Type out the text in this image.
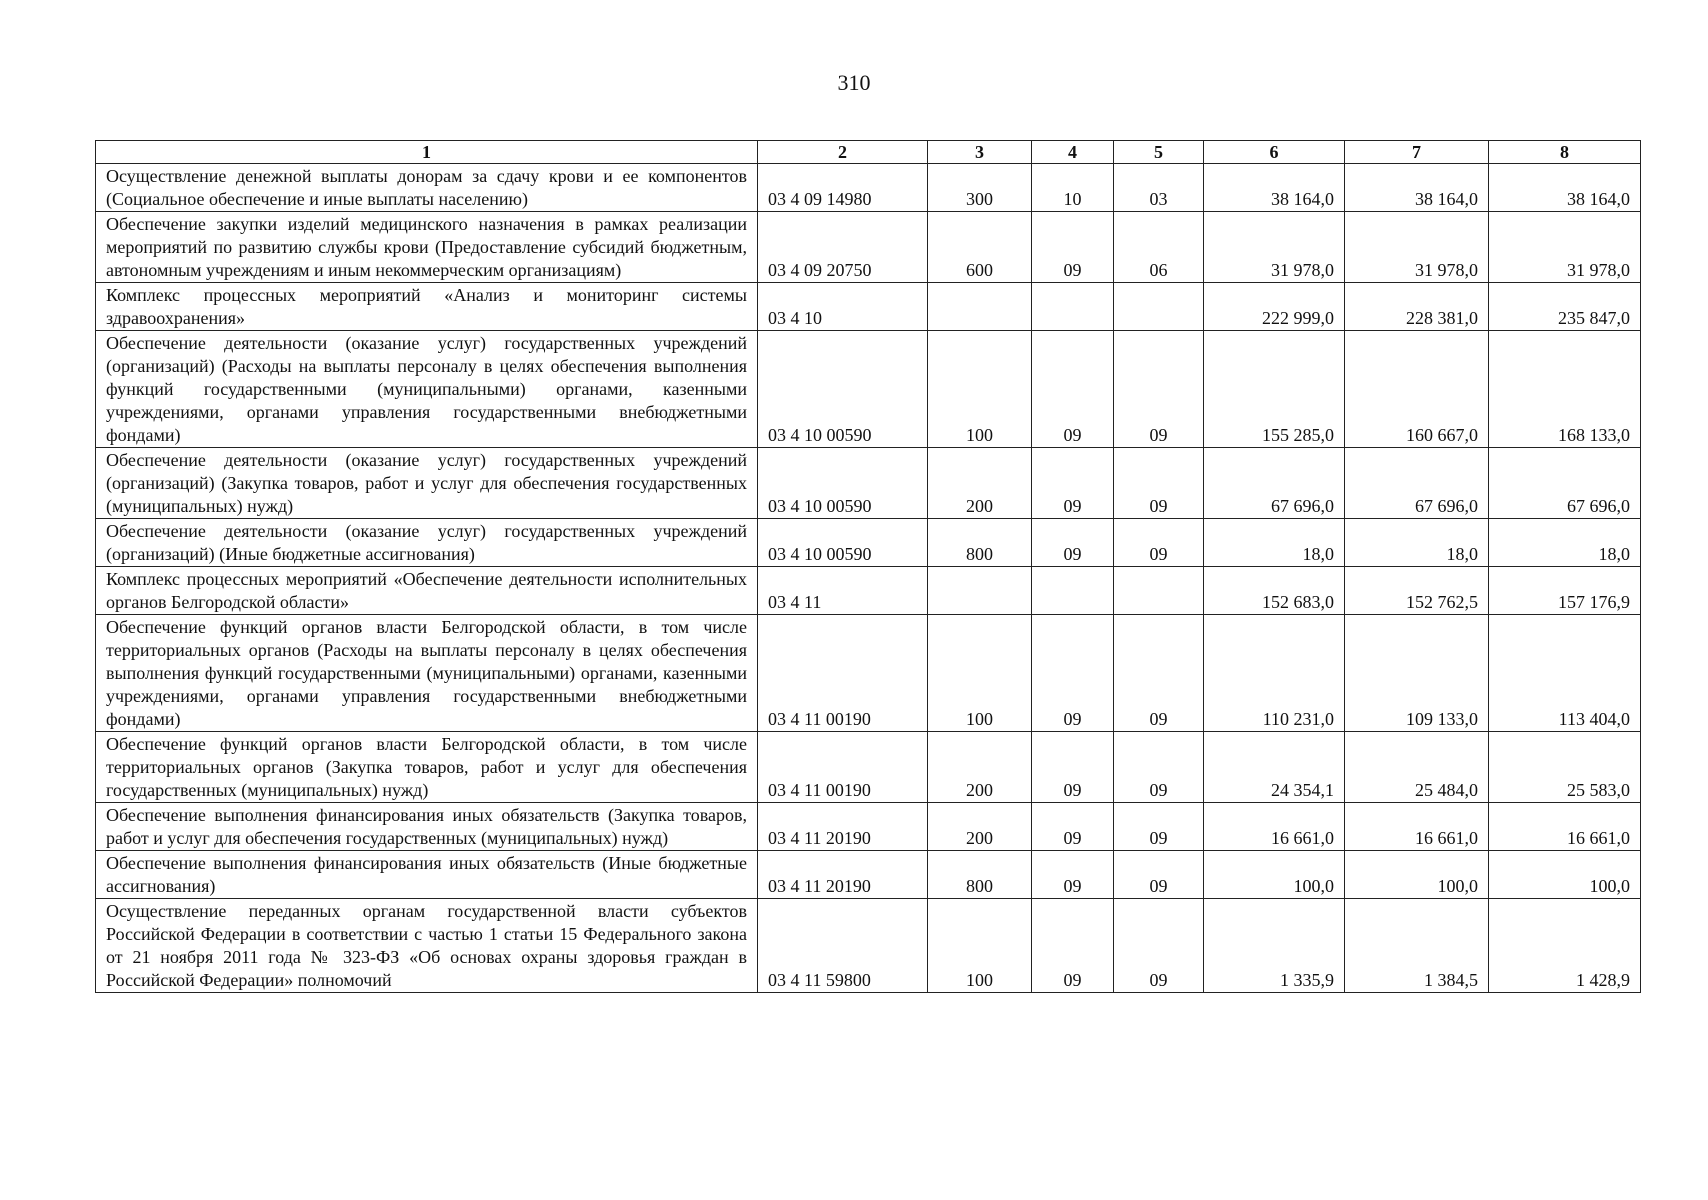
310
1	2	3	4	5	6	7	8
Осуществление денежной выплаты донорам за сдачу крови и ее компонентов (Социальное обеспечение и иные выплаты населению)	03 4 09 14980	300	10	03	38 164,0	38 164,0	38 164,0
Обеспечение закупки изделий медицинского назначения в рамках реализации мероприятий по развитию службы крови (Предоставление субсидий бюджетным, автономным учреждениям и иным некоммерческим организациям)	03 4 09 20750	600	09	06	31 978,0	31 978,0	31 978,0
Комплекс процессных мероприятий «Анализ и мониторинг системы здравоохранения»	03 4 10				222 999,0	228 381,0	235 847,0
Обеспечение деятельности (оказание услуг) государственных учреждений (организаций) (Расходы на выплаты персоналу в целях обеспечения выполнения функций государственными (муниципальными) органами, казенными учреждениями, органами управления государственными внебюджетными фондами)	03 4 10 00590	100	09	09	155 285,0	160 667,0	168 133,0
Обеспечение деятельности (оказание услуг) государственных учреждений (организаций) (Закупка товаров, работ и услуг для обеспечения государственных (муниципальных) нужд)	03 4 10 00590	200	09	09	67 696,0	67 696,0	67 696,0
Обеспечение деятельности (оказание услуг) государственных учреждений (организаций) (Иные бюджетные ассигнования)	03 4 10 00590	800	09	09	18,0	18,0	18,0
Комплекс процессных мероприятий «Обеспечение деятельности исполнительных органов Белгородской области»	03 4 11				152 683,0	152 762,5	157 176,9
Обеспечение функций органов власти Белгородской области, в том числе территориальных органов (Расходы на выплаты персоналу в целях обеспечения выполнения функций государственными (муниципальными) органами, казенными учреждениями, органами управления государственными внебюджетными фондами)	03 4 11 00190	100	09	09	110 231,0	109 133,0	113 404,0
Обеспечение функций органов власти Белгородской области, в том числе территориальных органов (Закупка товаров, работ и услуг для обеспечения государственных (муниципальных) нужд)	03 4 11 00190	200	09	09	24 354,1	25 484,0	25 583,0
Обеспечение выполнения финансирования иных обязательств (Закупка товаров, работ и услуг для обеспечения государственных (муниципальных) нужд)	03 4 11 20190	200	09	09	16 661,0	16 661,0	16 661,0
Обеспечение выполнения финансирования иных обязательств (Иные бюджетные ассигнования)	03 4 11 20190	800	09	09	100,0	100,0	100,0
Осуществление переданных органам государственной власти субъектов Российской Федерации в соответствии с частью 1 статьи 15 Федерального закона от 21 ноября 2011 года № 323-ФЗ «Об основах охраны здоровья граждан в Российской Федерации» полномочий	03 4 11 59800	100	09	09	1 335,9	1 384,5	1 428,9
